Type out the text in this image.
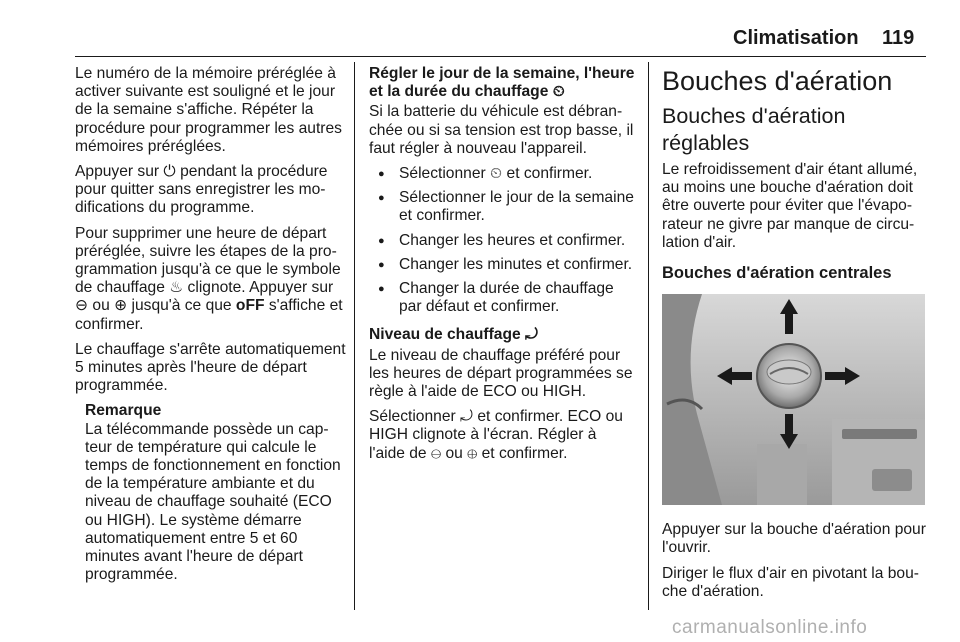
Climatisation 119

Le numéro de la mémoire préréglée à activer suivante est souligné et le jour de la semaine s'affiche. Répéter la procédure pour programmer les autres mémoires préréglées.

Appuyer sur ⏻ pendant la procédure pour quitter sans enregistrer les modifications du programme.

Pour supprimer une heure de départ préréglée, suivre les étapes de la programmation jusqu'à ce que le symbole de chauffage ♨ clignote. Appuyer sur ⊖ ou ⊕ jusqu'à ce que oFF s'affiche et confirmer.

Le chauffage s'arrête automatiquement 5 minutes après l'heure de départ programmée.

Remarque
La télécommande possède un capteur de température qui calcule le temps de fonctionnement en fonction de la température ambiante et du niveau de chauffage souhaité (ECO ou HIGH). Le système démarre automatiquement entre 5 et 60 minutes avant l'heure de départ programmée.
Régler le jour de la semaine, l'heure et la durée du chauffage ⏲

Si la batterie du véhicule est débranchée ou si sa tension est trop basse, il faut régler à nouveau l'appareil.

● Sélectionner ⏲ et confirmer.
● Sélectionner le jour de la semaine et confirmer.
● Changer les heures et confirmer.
● Changer les minutes et confirmer.
● Changer la durée de chauffage par défaut et confirmer.
Niveau de chauffage ⤾

Le niveau de chauffage préféré pour les heures de départ programmées se règle à l'aide de ECO ou HIGH.

Sélectionner ⤾ et confirmer. ECO ou HIGH clignote à l'écran. Régler à l'aide de ⊖ ou ⊕ et confirmer.

Bouches d'aération
Bouches d'aération réglables

Le refroidissement d'air étant allumé, au moins une bouche d'aération doit être ouverte pour éviter que l'évaporateur ne givre par manque de circulation d'air.

Bouches d'aération centrales

Appuyer sur la bouche d'aération pour l'ouvrir.

Diriger le flux d'air en pivotant la bouche d'aération.

carmanualsonline.info
